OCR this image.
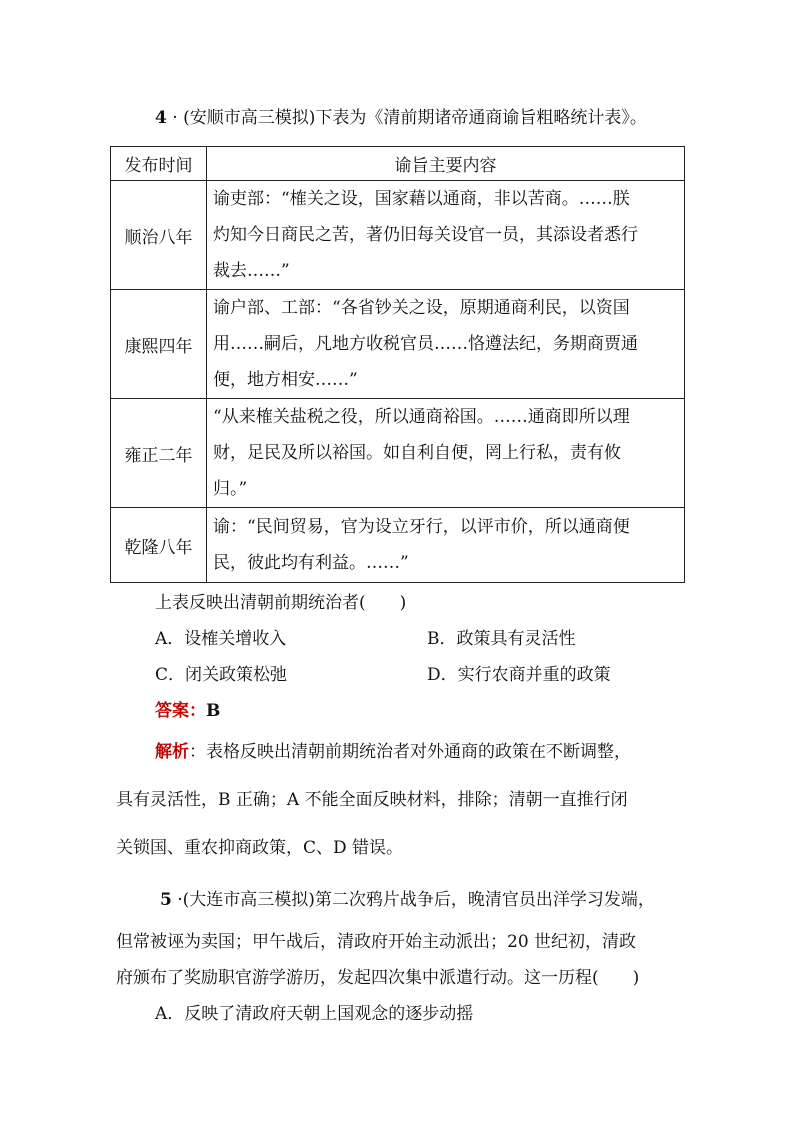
4 · (安顺市高三模拟)下表为《清前期诸帝通商谕旨粗略统计表》。
发布时间	谕旨主要内容
顺治八年	谕吏部：“榷关之设，国家藉以通商，非以苦商。……朕
灼知今日商民之苦，著仍旧每关设官一员，其添设者悉行
裁去……”

康熙四年	谕户部、工部：“各省钞关之设，原期通商利民，以资国
用……嗣后，凡地方收税官员……恪遵法纪，务期商贾通
便，地方相安……”

雍正二年	“从来榷关盐税之役，所以通商裕国。……通商即所以理
财，足民及所以裕国。如自利自便，罔上行私，责有攸
归。”

乾隆八年	谕：“民间贸易，官为设立牙行，以评市价，所以通商便
民，彼此均有利益。……”
上表反映出清朝前期统治者(　　)
A．设榷关增收入	B．政策具有灵活性
C．闭关政策松弛	D．实行农商并重的政策
答案：B
解析：表格反映出清朝前期统治者对外通商的政策在不断调整，
具有灵活性，B 正确；A 不能全面反映材料，排除；清朝一直推行闭
关锁国、重农抑商政策，C、D 错误。
5 ·(大连市高三模拟)第二次鸦片战争后，晚清官员出洋学习发端，
但常被诬为卖国；甲午战后，清政府开始主动派出；20 世纪初，清政
府颁布了奖励职官游学游历，发起四次集中派遣行动。这一历程(　　)
A．反映了清政府天朝上国观念的逐步动摇
